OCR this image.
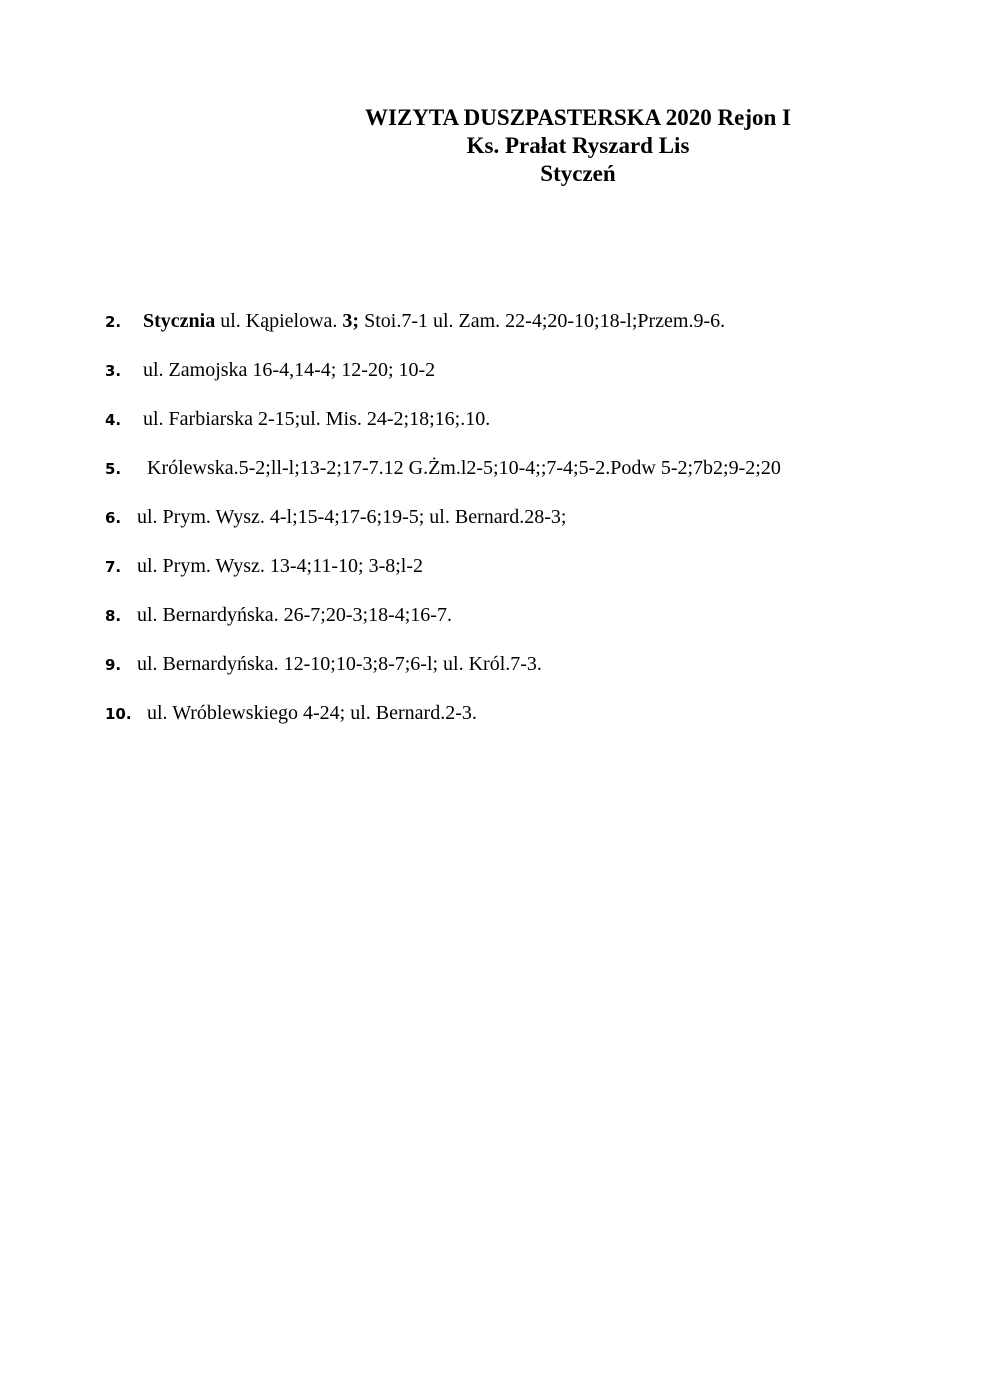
WIZYTA DUSZPASTERSKA 2020 Rejon I
Ks. Prałat Ryszard Lis
Styczeń
2. Stycznia ul. Kąpielowa. 3; Stoi.7-1 ul. Zam. 22-4;20-10;18-l;Przem.9-6.
3. ul. Zamojska 16-4,14-4; 12-20; 10-2
4. ul. Farbiarska 2-15;ul. Mis. 24-2;18;16;.10.
5. Królewska.5-2;ll-l;13-2;17-7.12 G.Żm.l2-5;10-4;;7-4;5-2.Podw 5-2;7b2;9-2;20
6. ul. Prym. Wysz. 4-l;15-4;17-6;19-5; ul. Bernard.28-3;
7. ul. Prym. Wysz. 13-4;11-10; 3-8;l-2
8. ul. Bernardyńska. 26-7;20-3;18-4;16-7.
9. ul. Bernardyńska. 12-10;10-3;8-7;6-l; ul. Król.7-3.
10. ul. Wróblewskiego 4-24; ul. Bernard.2-3.
